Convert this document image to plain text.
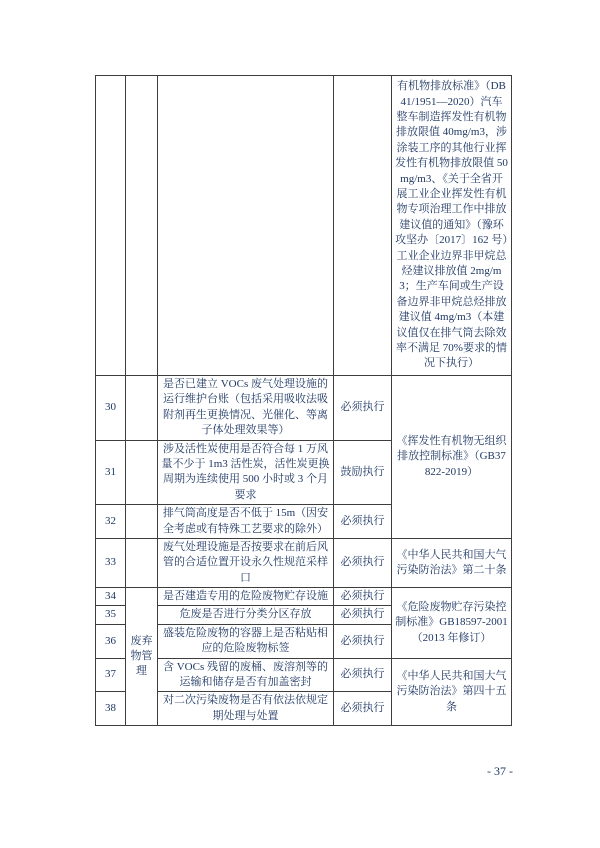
				有机物排放标准》（DB41/1951—2020）汽车整车制造挥发性有机物排放限值 40mg/m3，涉涂装工序的其他行业挥发性有机物排放限值 50mg/m3、《关于全省开展工业企业挥发性有机物专项治理工作中排放建议值的通知》（豫环攻坚办〔2017〕162 号）工业企业边界非甲烷总烃建议排放值 2mg/m3；生产车间或生产设备边界非甲烷总烃排放建议值 4mg/m3（本建议值仅在排气筒去除效率不满足 70%要求的情况下执行）
30		是否已建立 VOCs 废气处理设施的运行维护台账（包括采用吸收法吸附剂再生更换情况、光催化、等离子体处理效果等）	必须执行	《挥发性有机物无组织排放控制标准》（GB37822-2019）
31		涉及活性炭使用是否符合每 1 万风量不少于 1m3 活性炭，活性炭更换周期为连续使用 500 小时或 3 个月要求	鼓励执行	
32		排气筒高度是否不低于 15m（因安全考虑或有特殊工艺要求的除外）	必须执行	
33		废气处理设施是否按要求在前后风管的合适位置开设永久性规范采样口	必须执行	《中华人民共和国大气污染防治法》第二十条
34	废弃物管理	是否建造专用的危险废物贮存设施	必须执行	《危险废物贮存污染控制标准》GB18597-2001（2013 年修订）
35		危废是否进行分类分区存放	必须执行	
36		盛装危险废物的容器上是否粘贴相应的危险废物标签	必须执行	
37		含 VOCs 残留的废桶、废溶剂等的运输和储存是否有加盖密封	必须执行	《中华人民共和国大气污染防治法》第四十五条
38		对二次污染废物是否有依法依规定期处理与处置	必须执行	
- 37 -
